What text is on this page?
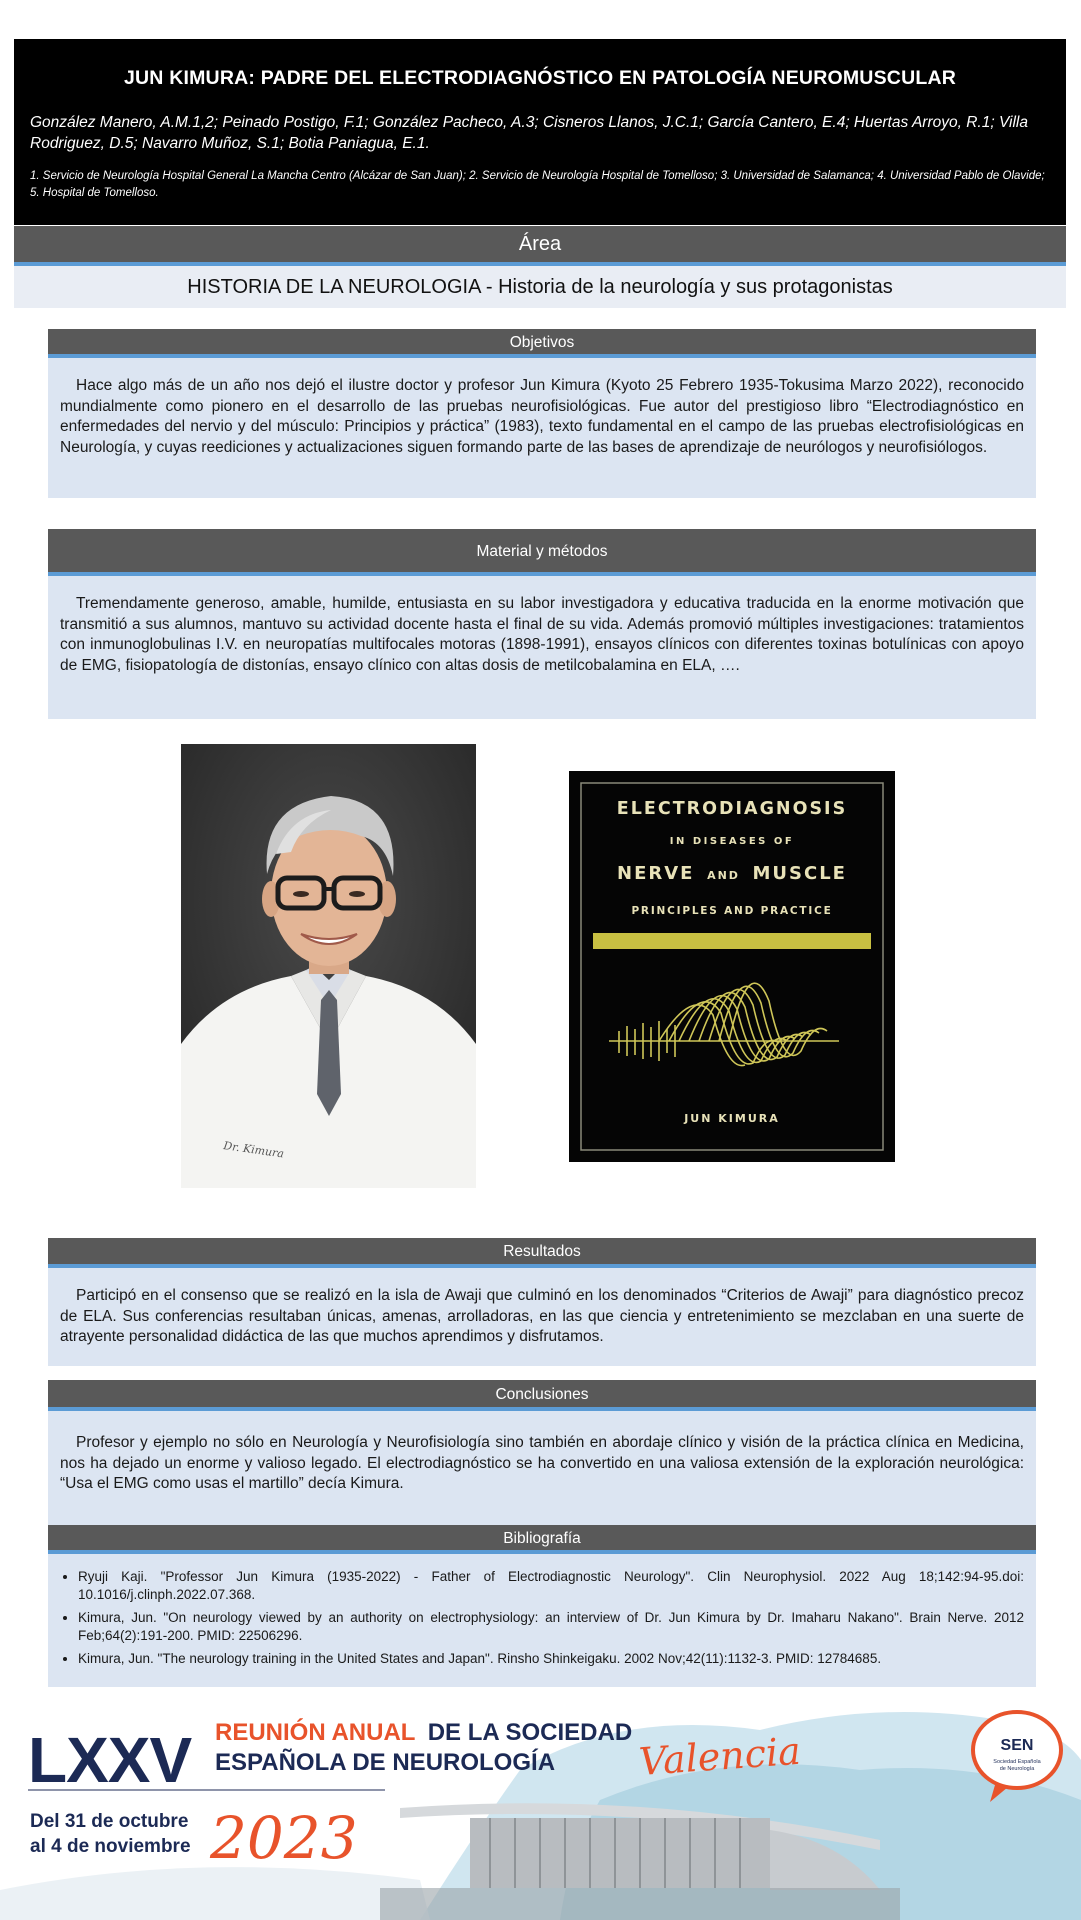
JUN KIMURA: PADRE DEL ELECTRODIAGNÓSTICO EN PATOLOGÍA NEUROMUSCULAR
González Manero, A.M.1,2; Peinado Postigo, F.1; González Pacheco, A.3; Cisneros Llanos, J.C.1; García Cantero, E.4; Huertas Arroyo, R.1; Villa Rodriguez, D.5; Navarro Muñoz, S.1; Botia Paniagua, E.1.
1. Servicio de Neurología Hospital General La Mancha Centro (Alcázar de San Juan); 2. Servicio de Neurología Hospital de Tomelloso; 3. Universidad de Salamanca; 4. Universidad Pablo de Olavide; 5. Hospital de Tomelloso.
Área
HISTORIA DE LA NEUROLOGIA - Historia de la neurología y sus protagonistas
Objetivos

Hace algo más de un año nos dejó el ilustre doctor y profesor Jun Kimura (Kyoto 25 Febrero 1935-Tokusima Marzo 2022), reconocido mundialmente como pionero en el desarrollo de las pruebas neurofisiológicas. Fue autor del prestigioso libro “Electrodiagnóstico en enfermedades del nervio y del músculo: Principios y práctica” (1983), texto fundamental en el campo de las pruebas electrofisiológicas en Neurología, y cuyas reediciones y actualizaciones siguen formando parte de las bases de aprendizaje de neurólogos y neurofisiólogos.

Material y métodos

Tremendamente generoso, amable, humilde, entusiasta en su labor investigadora y educativa traducida en la enorme motivación que transmitió a sus alumnos, mantuvo su actividad docente hasta el final de su vida. Además promovió múltiples investigaciones: tratamientos con inmunoglobulinas I.V. en neuropatías multifocales motoras (1898-1991), ensayos clínicos con diferentes toxinas botulínicas con apoyo de EMG, fisiopatología de distonías, ensayo clínico con altas dosis de metilcobalamina en ELA, ….

Dr. Kimura
ELECTRODIAGNOSIS
IN DISEASES OF
NERVE AND MUSCLE
PRINCIPLES AND PRACTICE
JUN KIMURA
Resultados

Participó en el consenso que se realizó en la isla de Awaji que culminó en los denominados “Criterios de Awaji” para diagnóstico precoz de ELA. Sus conferencias resultaban únicas, amenas, arrolladoras, en las que ciencia y entretenimiento se mezclaban en una suerte de atrayente personalidad didáctica de las que muchos aprendimos y disfrutamos.

Conclusiones

Profesor y ejemplo no sólo en Neurología y Neurofisiología sino también en abordaje clínico y visión de la práctica clínica en Medicina, nos ha dejado un enorme y valioso legado. El electrodiagnóstico se ha convertido en una valiosa extensión de la exploración neurológica: “Usa el EMG como usas el martillo” decía Kimura.

Bibliografía
• Ryuji Kaji. "Professor Jun Kimura (1935-2022) - Father of Electrodiagnostic Neurology". Clin Neurophysiol. 2022 Aug 18;142:94-95.doi: 10.1016/j.clinph.2022.07.368.
• Kimura, Jun. "On neurology viewed by an authority on electrophysiology: an interview of Dr. Jun Kimura by Dr. Imaharu Nakano". Brain Nerve. 2012 Feb;64(2):191-200. PMID: 22506296.
• Kimura, Jun. "The neurology training in the United States and Japan". Rinsho Shinkeigaku. 2002 Nov;42(11):1132-3. PMID: 12784685.
LXXV REUNIÓN ANUAL DE LA SOCIEDAD
ESPAÑOLA DE NEUROLOGÍA
Del 31 de octubre
al 4 de noviembre 2023
Valencia	SEN
Sociedad Española
de Neurología
